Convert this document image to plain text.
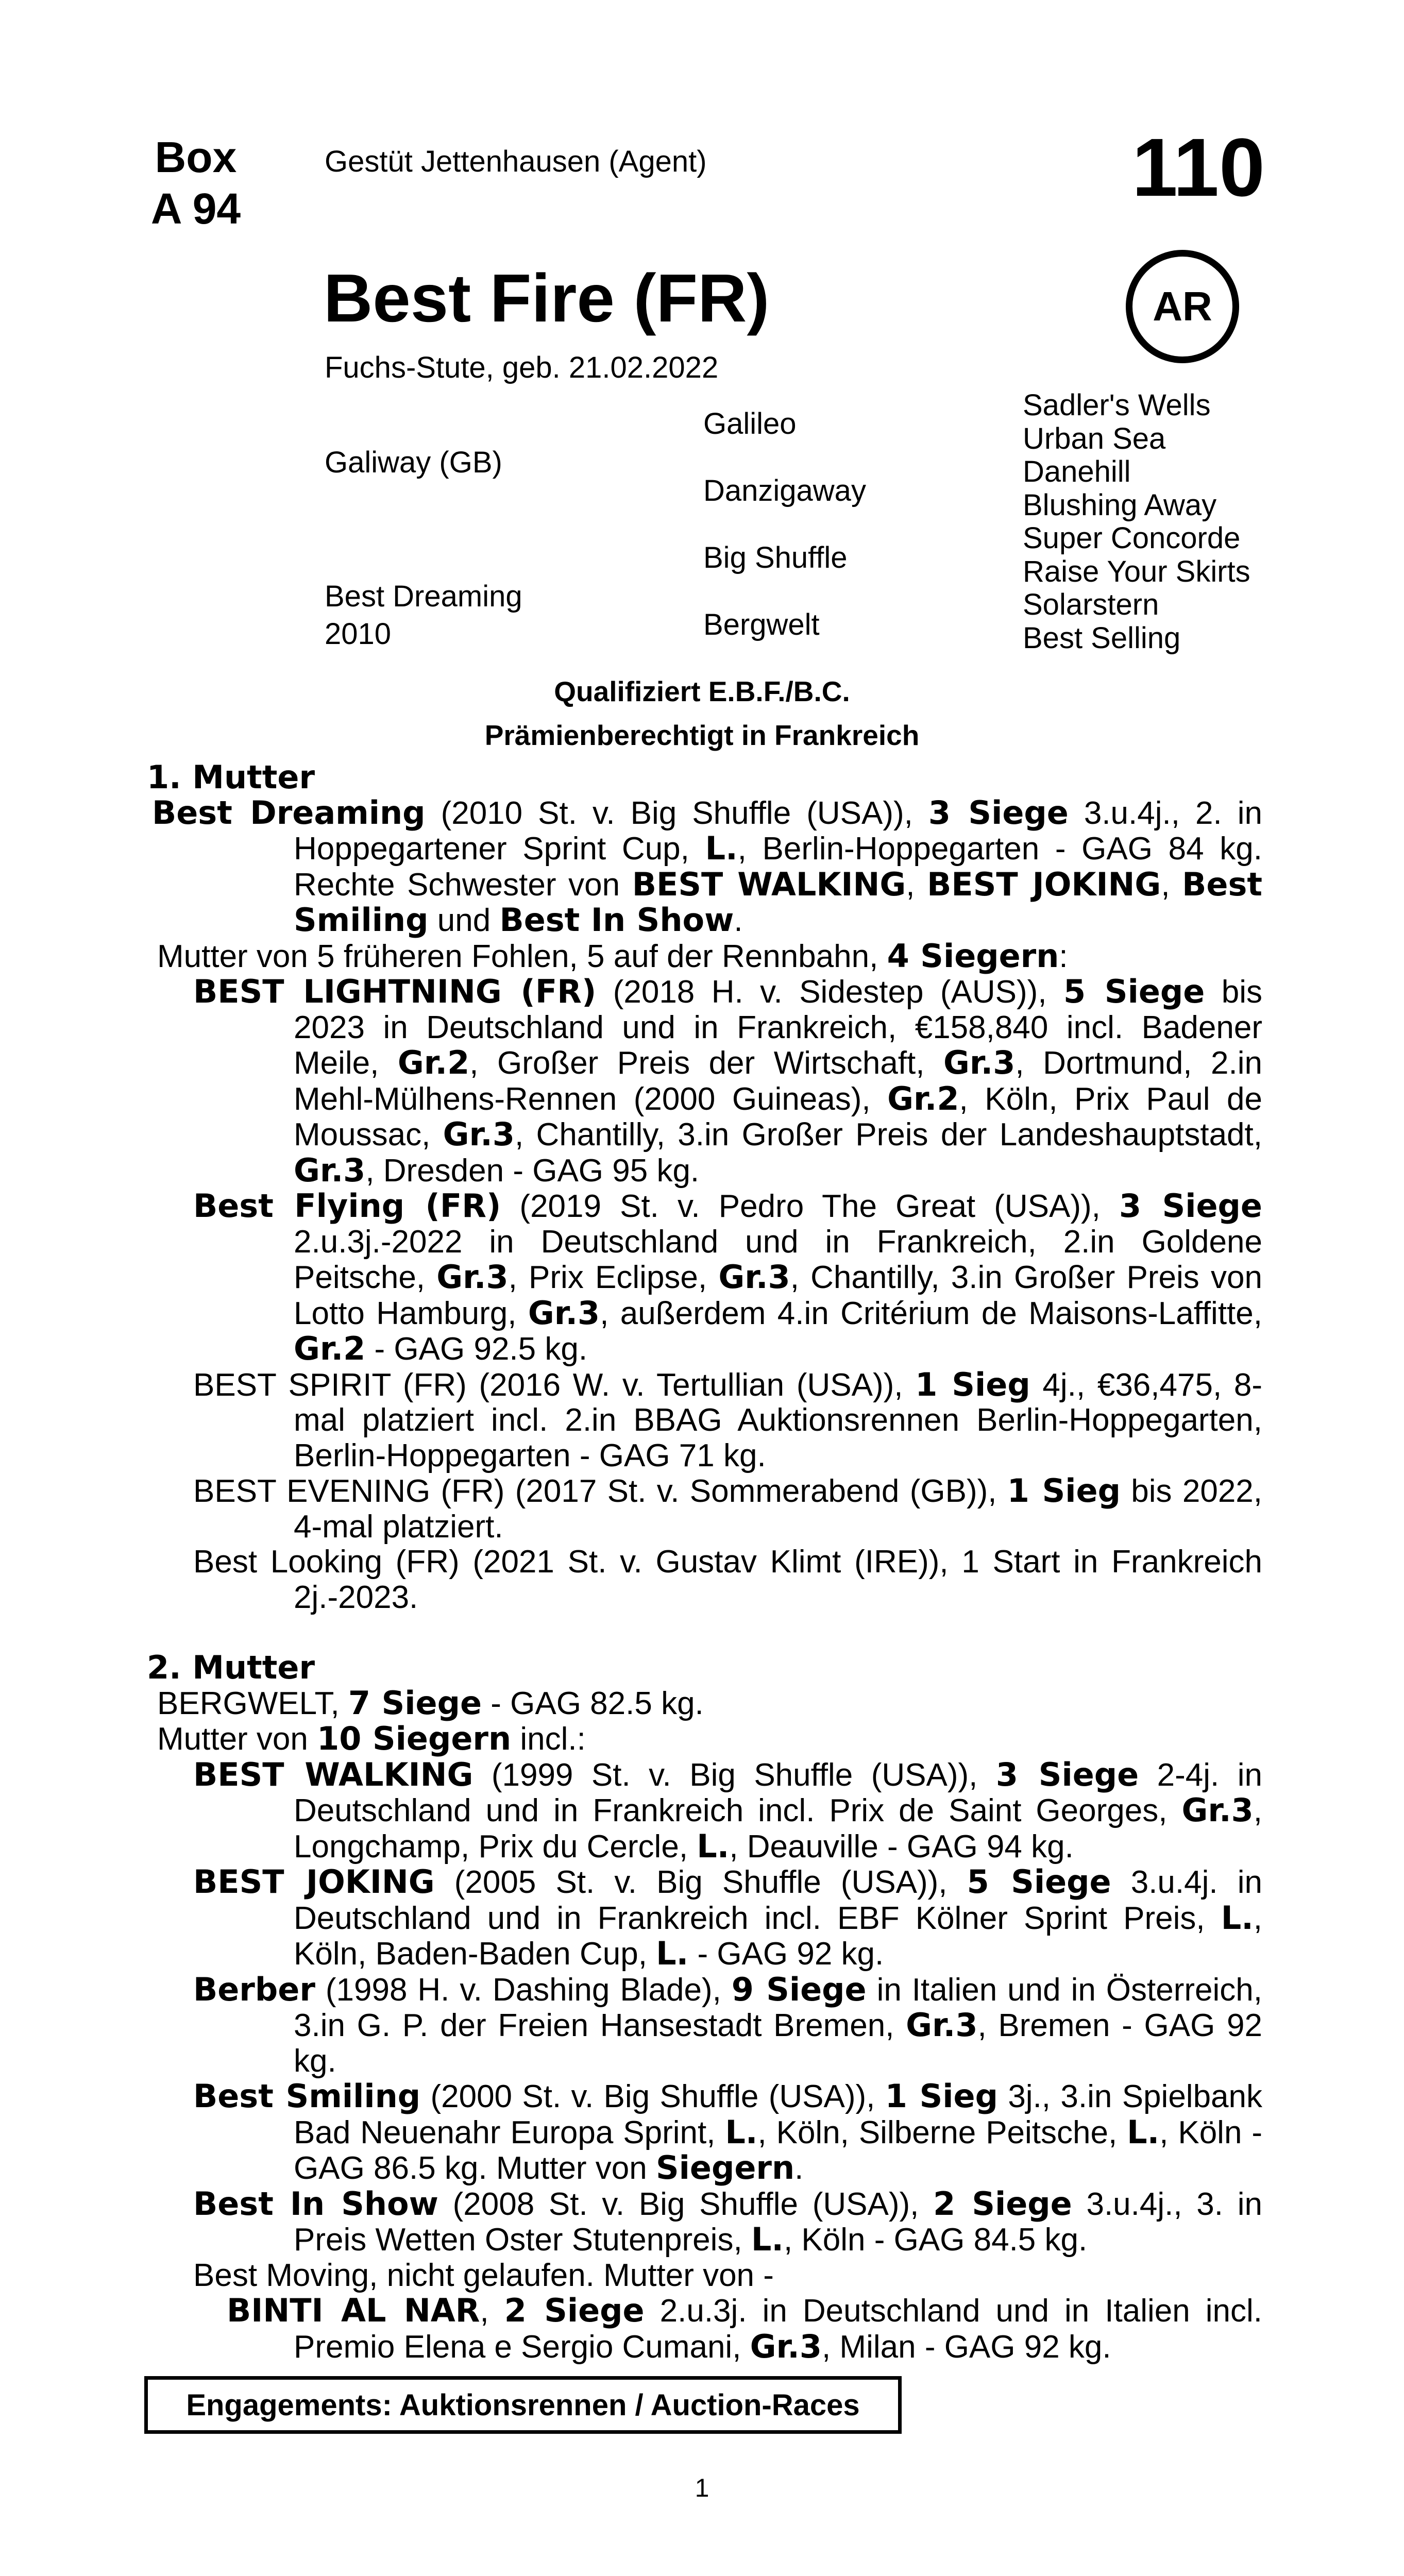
Box
A 94
Gestüt Jettenhausen (Agent)	110
Best Fire (FR)	AR
Fuchs-Stute, geb. 21.02.2022
Galiway (GB)
Best Dreaming
2010
Galileo
Danzigaway
Big Shuffle
Bergwelt
Sadler's Wells
Urban Sea
Danehill
Blushing Away
Super Concorde
Raise Your Skirts
Solarstern
Best Selling
Qualifiziert E.B.F./B.C.
Prämienberechtigt in Frankreich
1. Mutter
Best Dreaming (2010 St. v. Big Shuffle (USA)), 3 Siege 3.u.4j., 2. in Hoppegartener Sprint Cup, L., Berlin-Hoppegarten - GAG 84 kg. Rechte Schwester von BEST WALKING, BEST JOKING, Best Smiling und Best In Show.
Mutter von 5 früheren Fohlen, 5 auf der Rennbahn, 4 Siegern:
BEST LIGHTNING (FR) (2018 H. v. Sidestep (AUS)), 5 Siege bis 2023 in Deutschland und in Frankreich, €158,840 incl. Badener Meile, Gr.2, Großer Preis der Wirtschaft, Gr.3, Dortmund, 2.in Mehl-Mülhens-Rennen (2000 Guineas), Gr.2, Köln, Prix Paul de Moussac, Gr.3, Chantilly, 3.in Großer Preis der Landeshauptstadt, Gr.3, Dresden - GAG 95 kg.
Best Flying (FR) (2019 St. v. Pedro The Great (USA)), 3 Siege 2.u.3j.-2022 in Deutschland und in Frankreich, 2.in Goldene Peitsche, Gr.3, Prix Eclipse, Gr.3, Chantilly, 3.in Großer Preis von Lotto Hamburg, Gr.3, außerdem 4.in Critérium de Maisons-Laffitte, Gr.2 - GAG 92.5 kg.
BEST SPIRIT (FR) (2016 W. v. Tertullian (USA)), 1 Sieg 4j., €36,475, 8-mal platziert incl. 2.in BBAG Auktionsrennen Berlin-Hoppegarten, Berlin-Hoppegarten - GAG 71 kg.
BEST EVENING (FR) (2017 St. v. Sommerabend (GB)), 1 Sieg bis 2022, 4-mal platziert.
Best Looking (FR) (2021 St. v. Gustav Klimt (IRE)), 1 Start in Frankreich 2j.-2023.
2. Mutter
BERGWELT, 7 Siege - GAG 82.5 kg.
Mutter von 10 Siegern incl.:
BEST WALKING (1999 St. v. Big Shuffle (USA)), 3 Siege 2-4j. in Deutschland und in Frankreich incl. Prix de Saint Georges, Gr.3, Longchamp, Prix du Cercle, L., Deauville - GAG 94 kg.
BEST JOKING (2005 St. v. Big Shuffle (USA)), 5 Siege 3.u.4j. in Deutschland und in Frankreich incl. EBF Kölner Sprint Preis, L., Köln, Baden-Baden Cup, L. - GAG 92 kg.
Berber (1998 H. v. Dashing Blade), 9 Siege in Italien und in Österreich, 3.in G. P. der Freien Hansestadt Bremen, Gr.3, Bremen - GAG 92 kg.
Best Smiling (2000 St. v. Big Shuffle (USA)), 1 Sieg 3j., 3.in Spielbank Bad Neuenahr Europa Sprint, L., Köln, Silberne Peitsche, L., Köln - GAG 86.5 kg. Mutter von Siegern.
Best In Show (2008 St. v. Big Shuffle (USA)), 2 Siege 3.u.4j., 3. in Preis Wetten Oster Stutenpreis, L., Köln - GAG 84.5 kg.
Best Moving, nicht gelaufen. Mutter von -
BINTI AL NAR, 2 Siege 2.u.3j. in Deutschland und in Italien incl. Premio Elena e Sergio Cumani, Gr.3, Milan - GAG 92 kg.
Engagements: Auktionsrennen / Auction-Races
1
